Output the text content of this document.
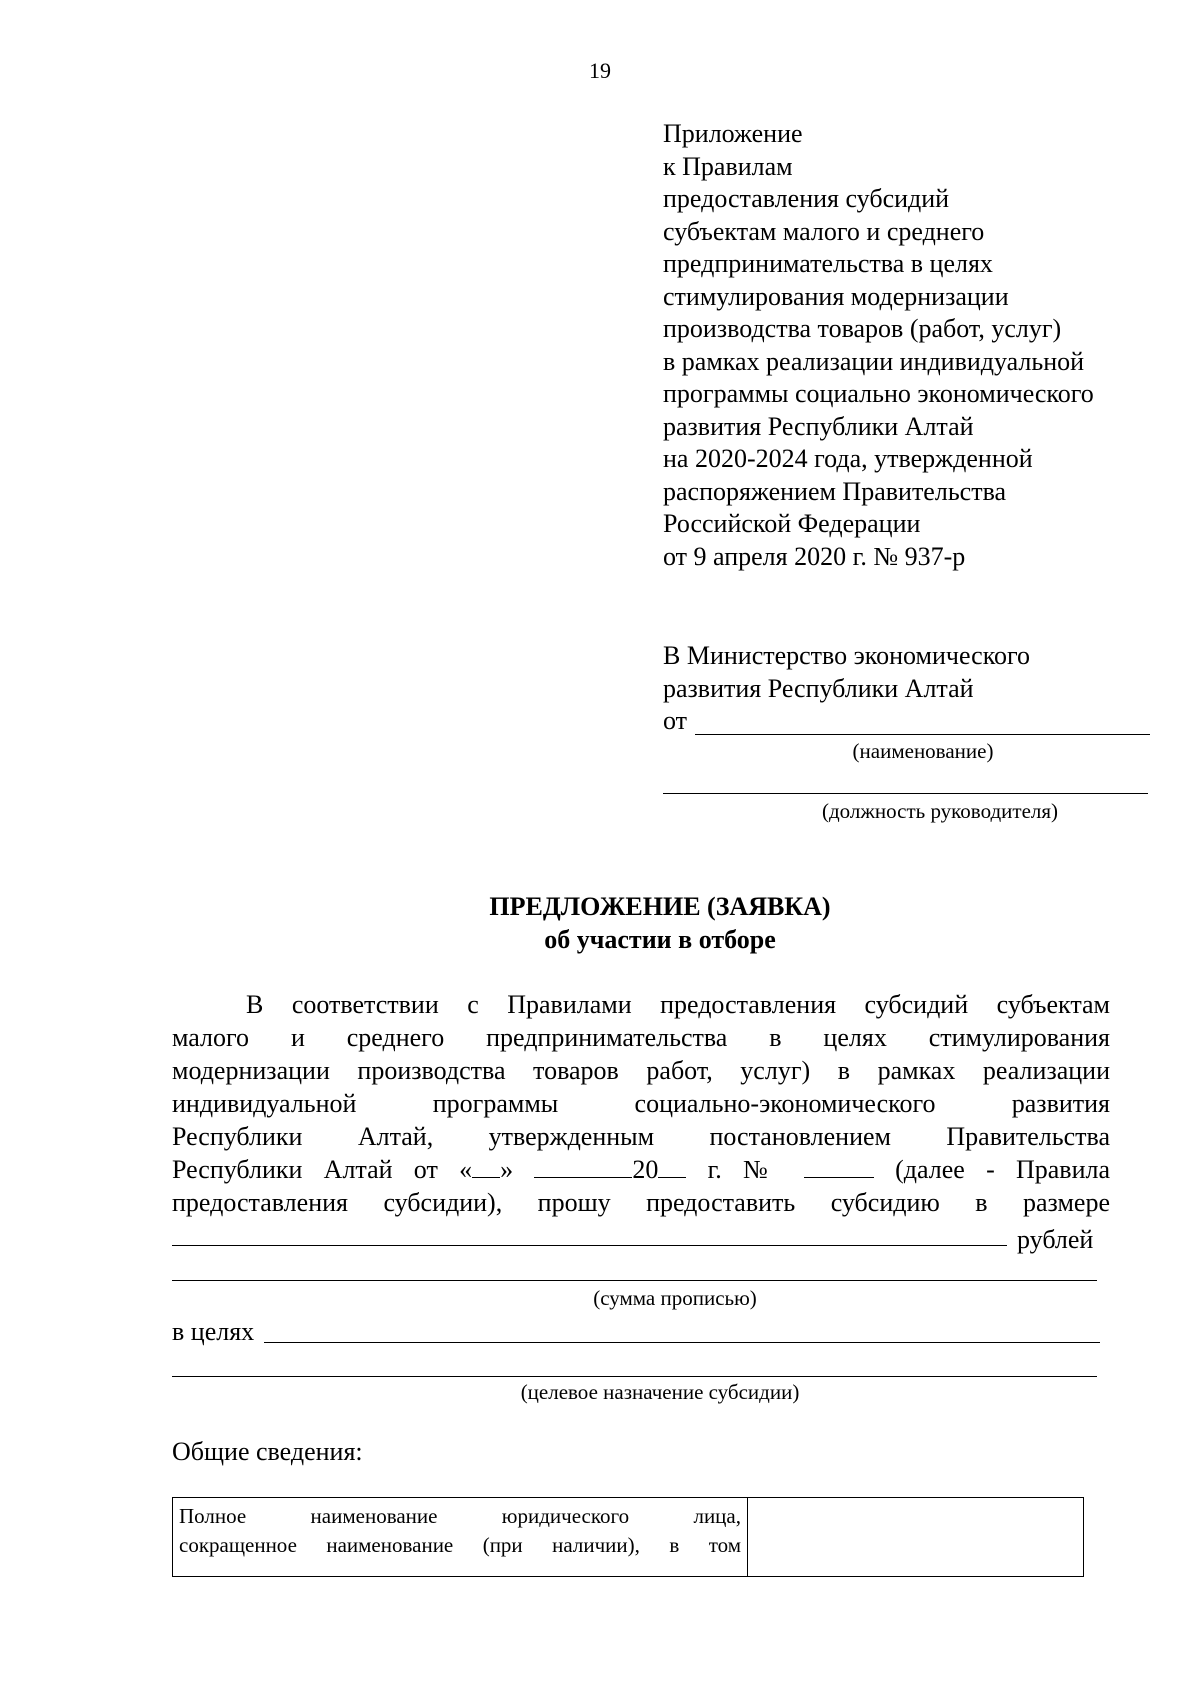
19
Приложение
к Правилам
предоставления субсидий
субъектам малого и среднего
предпринимательства в целях
стимулирования модернизации
производства товаров (работ, услуг)
в рамках реализации индивидуальной
программы социально экономического
развития Республики Алтай
на 2020-2024 года, утвержденной
распоряжением Правительства
Российской Федерации
от 9 апреля 2020 г. № 937-р
В Министерство экономического
развития Республики Алтай
от
(наименование)
(должность руководителя)
ПРЕДЛОЖЕНИЕ (ЗАЯВКА)
об участии в отборе
В соответствии с Правилами предоставления субсидий субъектам
малого и среднего предпринимательства в целях стимулирования
модернизации производства товаров работ, услуг) в рамках реализации
индивидуальной программы социально-экономического развития
Республики Алтай, утвержденным постановлением Правительства
Республики Алтай от « »	20 г. №	(далее - Правила
предоставления субсидии), прошу предоставить субсидию в размере
рублей
(сумма прописью)
в целях
(целевое назначение субсидии)
Общие сведения:
Полное наименование юридического лица,
сокращенное наименование (при наличии), в том
